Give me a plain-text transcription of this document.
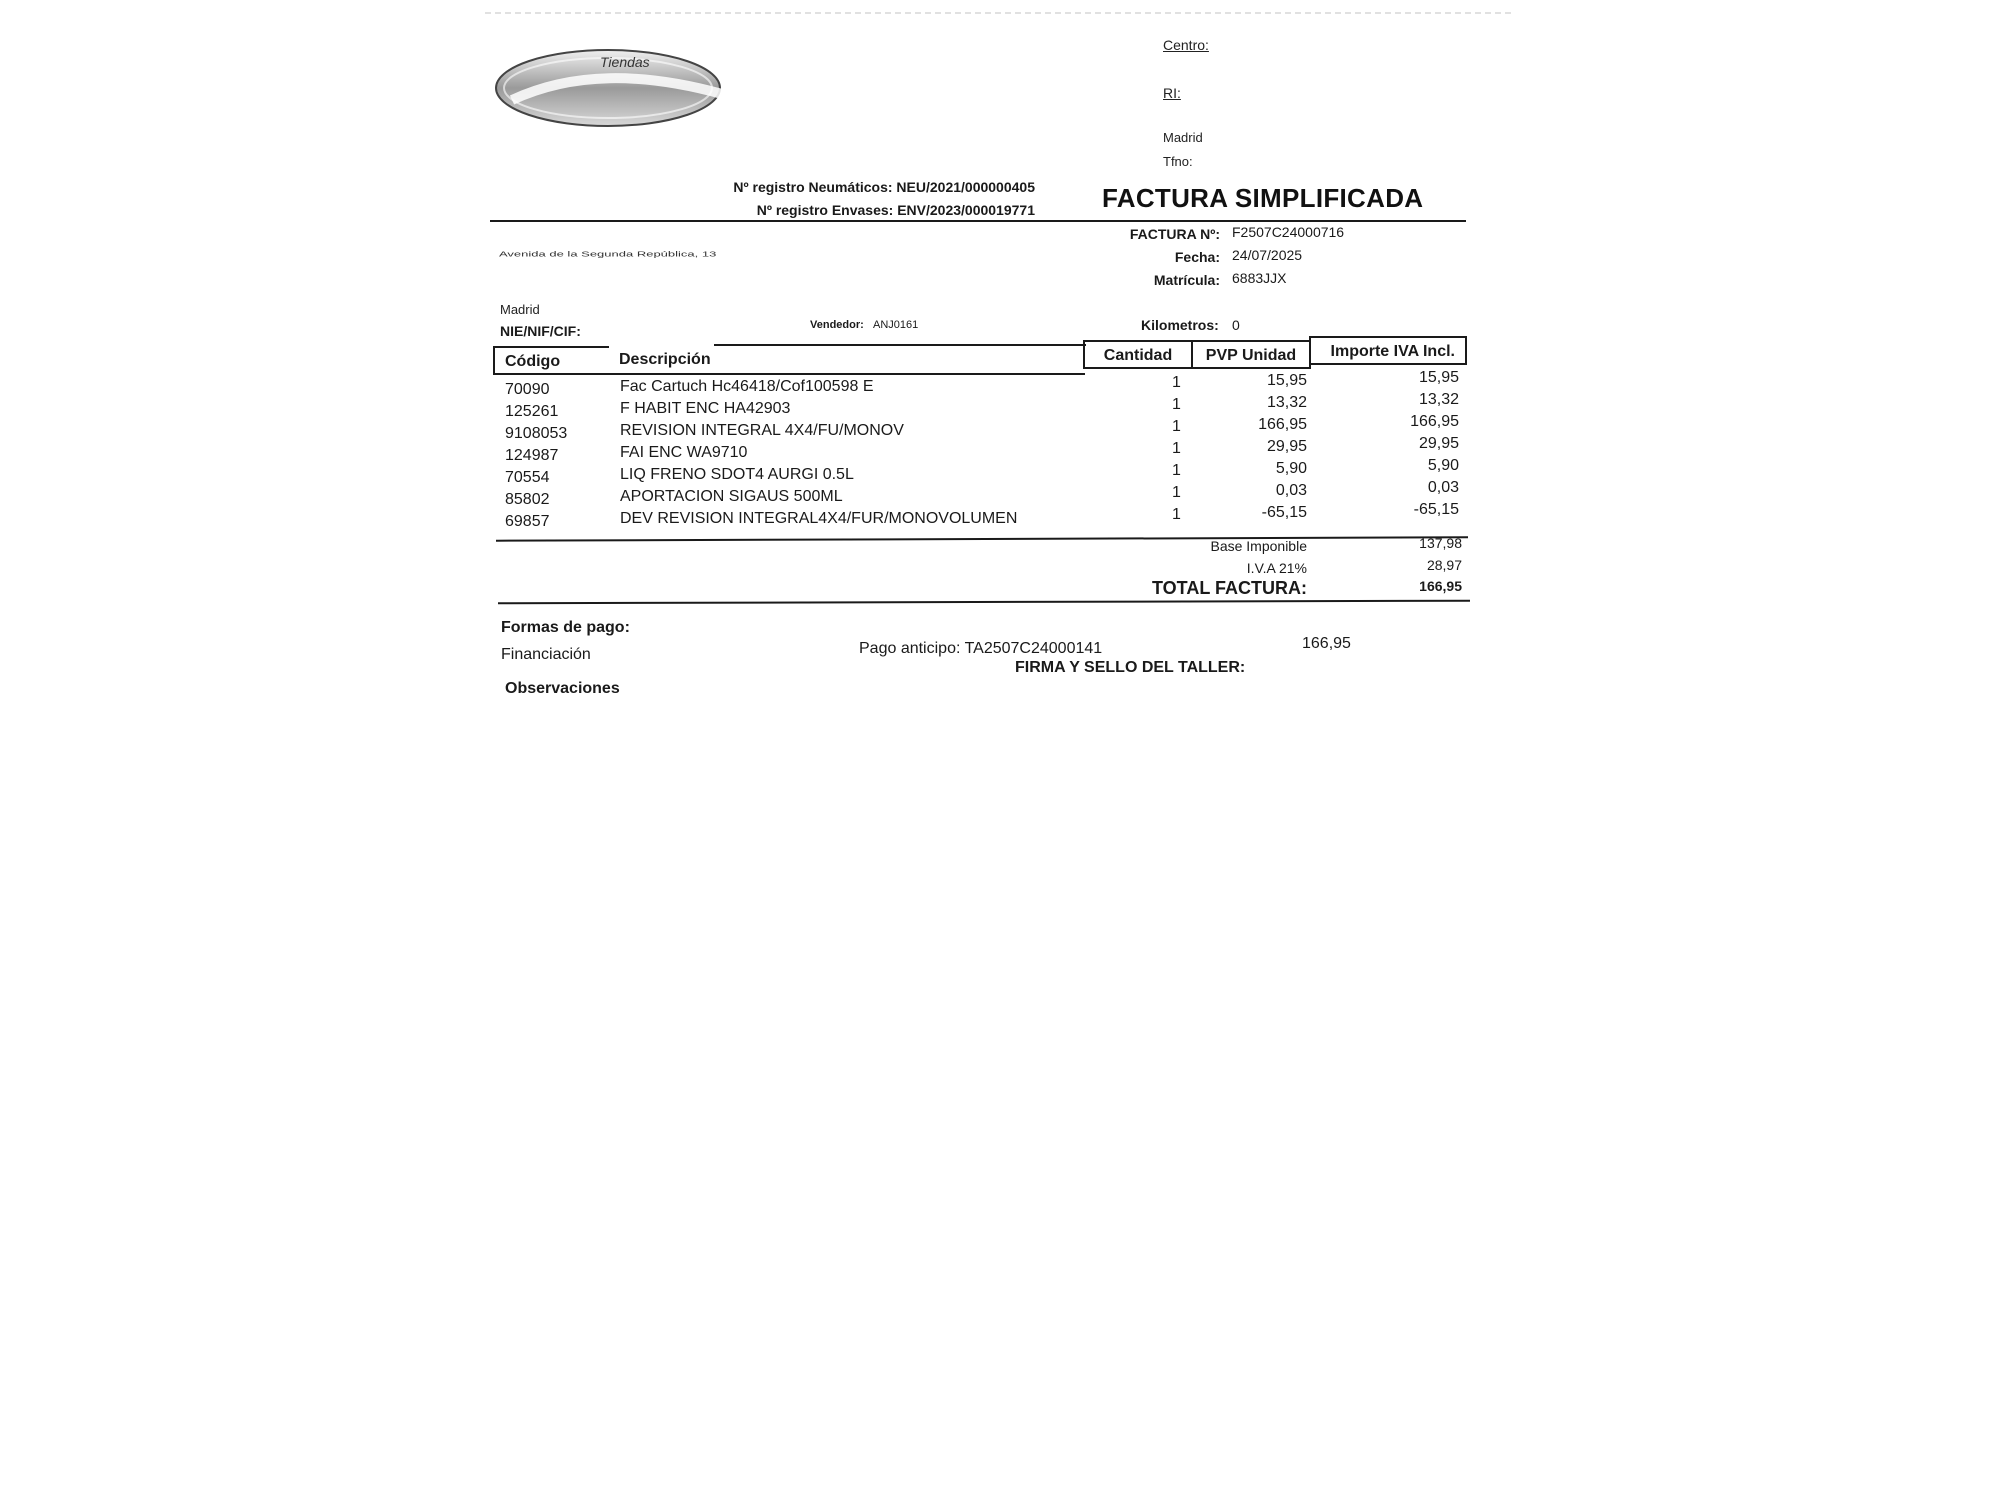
Tiendas
Centro:
RI:
Madrid
Tfno:
Nº registro Neumáticos: NEU/2021/000000405
Nº registro Envases: ENV/2023/000019771	FACTURA SIMPLIFICADA
FACTURA Nº: F2507C24000716
Fecha: 24/07/2025
Matrícula: 6883JJX
Avenida de la Segunda República, 13
Madrid
NIE/NIF/CIF:	Vendedor: ANJ0161	Kilometros: 0
Código	Descripción	Cantidad	PVP Unidad	Importe IVA Incl.
70090	Fac Cartuch Hc46418/Cof100598 E	1	15,95	15,95
125261	F HABIT ENC HA42903	1	13,32	13,32
9108053	REVISION INTEGRAL 4X4/FU/MONOV	1	166,95	166,95
124987	FAI ENC WA9710	1	29,95	29,95
70554	LIQ FRENO SDOT4 AURGI 0.5L	1	5,90	5,90
85802	APORTACION SIGAUS 500ML	1	0,03	0,03
69857	DEV REVISION INTEGRAL4X4/FUR/MONOVOLUMEN	1	-65,15	-65,15
Base Imponible	137,98
I.V.A 21%	28,97
TOTAL FACTURA:	166,95
Formas de pago:
Financiación	Pago anticipo: TA2507C24000141	166,95
FIRMA Y SELLO DEL TALLER:
Observaciones
